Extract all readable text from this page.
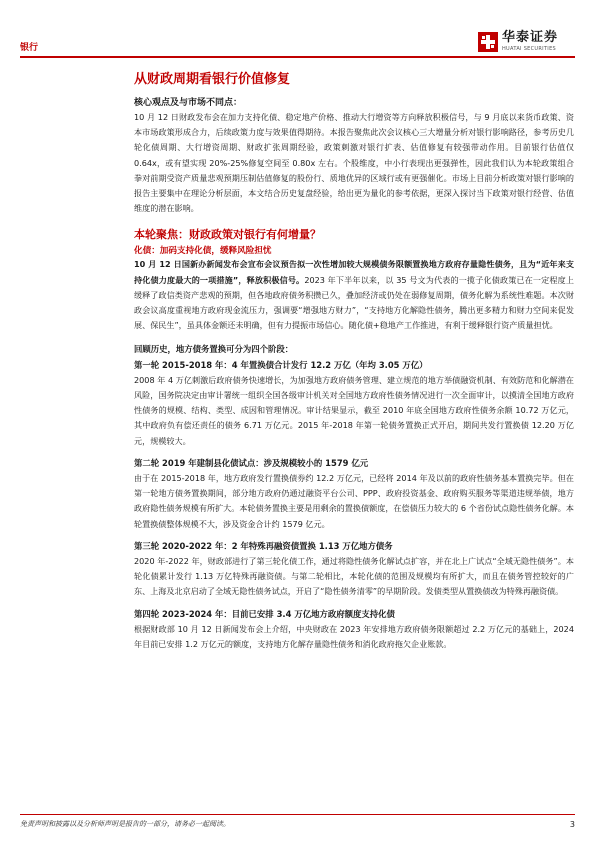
银行
华泰证券
HUATAI SECURITIES
从财政周期看银行价值修复
核心观点及与市场不同点：

10 月 12 日财政发布会在加力支持化债、稳定地产价格、推动大行增资等方向释放积极信号，与 9 月底以来货币政策、资本市场政策形成合力，后续政策力度与效果值得期待。本报告聚焦此次会议核心三大增量分析对银行影响路径，参考历史几轮化债周期、大行增资周期、财政扩张周期经验，政策刺激对银行扩表、估值修复有较强带动作用。目前银行估值仅 0.64x，或有望实现 20%-25%修复空间至 0.80x 左右。个股维度，中小行表现出更强弹性，因此我们认为本轮政策组合拳对前期受资产质量悲观预期压制估值修复的股份行、质地优异的区域行或有更强催化。市场上目前分析政策对银行影响的报告主要集中在理论分析层面，本文结合历史复盘经验，给出更为量化的参考依据，更深入探讨当下政策对银行经营、估值维度的潜在影响。

本轮聚焦：财政政策对银行有何增量？
化债：加码支持化债，缓释风险担忧

10 月 12 日国新办新闻发布会宣布会议预告拟一次性增加较大规模债务限额置换地方政府存量隐性债务，且为“近年来支持化债力度最大的一项措施”，释放积极信号。2023 年下半年以来，以 35 号文为代表的一揽子化债政策已在一定程度上缓释了政信类资产悲观的预期，但各地政府债务积攒已久，叠加经济或仍处在弱修复周期，债务化解为系统性难题。本次财政会议高度重视地方政府现金流压力，强调要“增强地方财力”，“支持地方化解隐性债务，腾出更多精力和财力空间来促发展、保民生”，虽具体金额还未明确，但有力提振市场信心。随化债+稳地产工作推进，有利于缓释银行资产质量担忧。

回顾历史，地方债务置换可分为四个阶段：
第一轮 2015-2018 年：4 年置换债合计发行 12.2 万亿（年均 3.05 万亿）

2008 年 4 万亿刺激后政府债务快速增长，为加强地方政府债务管理、建立规范的地方举债融资机制、有效防范和化解潜在风险，国务院决定由审计署统一组织全国各级审计机关对全国地方政府性债务情况进行一次全面审计，以摸清全国地方政府性债务的规模、结构、类型、成因和管理情况。审计结果显示，截至 2010 年底全国地方政府性债务余额 10.72 万亿元，其中政府负有偿还责任的债务 6.71 万亿元。2015 年-2018 年第一轮债务置换正式开启，期间共发行置换债 12.20 万亿元，规模较大。

第二轮 2019 年建制县化债试点：涉及规模较小的 1579 亿元

由于在 2015-2018 年，地方政府发行置换债券约 12.2 万亿元，已经将 2014 年及以前的政府性债务基本置换完毕。但在第一轮地方债务置换期间，部分地方政府仍通过融资平台公司、PPP、政府投资基金、政府购买服务等渠道违规举债，地方政府隐性债务规模有所扩大。本轮债务置换主要是用剩余的置换债额度，在偿债压力较大的 6 个省份试点隐性债务化解。本轮置换债整体规模不大，涉及资金合计约 1579 亿元。

第三轮 2020-2022 年：2 年特殊再融资债置换 1.13 万亿地方债务

2020 年-2022 年，财政部进行了第三轮化债工作，通过将隐性债务化解试点扩容，并在北上广试点“全域无隐性债务”。本轮化债累计发行 1.13 万亿特殊再融资债。与第二轮相比，本轮化债的范围及规模均有所扩大，而且在债务管控较好的广东、上海及北京启动了全域无隐性债务试点，开启了“隐性债务清零”的早期阶段。发债类型从置换债改为特殊再融资债。

第四轮 2023-2024 年：目前已安排 3.4 万亿地方政府额度支持化债

根据财政部 10 月 12 日新闻发布会上介绍，中央财政在 2023 年安排地方政府债务限额超过 2.2 万亿元的基础上，2024 年目前已安排 1.2 万亿元的额度，支持地方化解存量隐性债务和消化政府拖欠企业账款。

免责声明和披露以及分析师声明是报告的一部分，请务必一起阅读。	3
